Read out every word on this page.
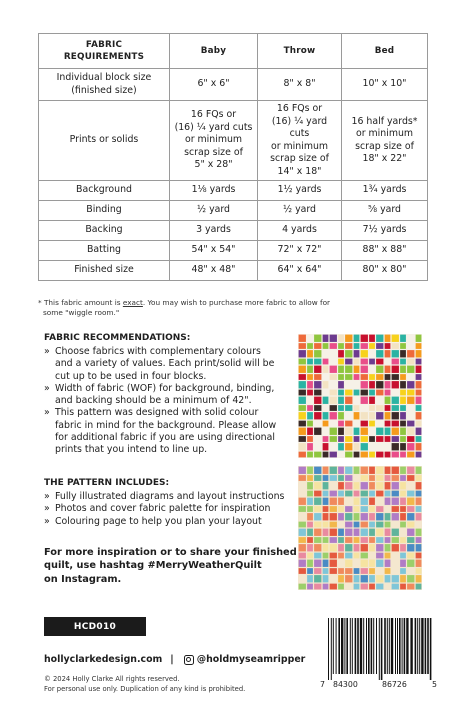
FABRIC
REQUIREMENTS	Baby	Throw	Bed
Individual block size
(finished size)	6" x 6"	8" x 8"	10" x 10"
Prints or solids	16 FQs or
(16) ¼ yard cuts
or minimum
scrap size of
5" x 28"	16 FQs or
(16) ¼ yard cuts
or minimum
scrap size of
14" x 18"	16 half yards*
or minimum
scrap size of
18" x 22"
Background	1⅛ yards	1½ yards	1¾ yards
Binding	½ yard	½ yard	⅝ yard
Backing	3 yards	4 yards	7½ yards
Batting	54" x 54"	72" x 72"	88" x 88"
Finished size	48" x 48"	64" x 64"	80" x 80"
* This fabric amount is exact. You may wish to purchase more fabric to allow for
some "wiggle room."
FABRIC RECOMMENDATIONS:
» Choose fabrics with complementary colours
and a variety of values. Each print/solid will be
cut up to be used in four blocks.
» Width of fabric (WOF) for background, binding,
and backing should be a minimum of 42".
» This pattern was designed with solid colour
fabric in mind for the background. Please allow
for additional fabric if you are using directional
prints that you intend to line up.
THE PATTERN INCLUDES:
» Fully illustrated diagrams and layout instructions
» Photos and cover fabric palette for inspiration
» Colouring page to help you plan your layout
For more inspiration or to share your finished
quilt, use hashtag #MerryWeatherQuilt
on Instagram.
HCD010
hollyclarkedesign.com | @holdmyseamripper
© 2024 Holly Clarke All rights reserved.
For personal use only. Duplication of any kind is prohibited.	7 84300	86726	5
